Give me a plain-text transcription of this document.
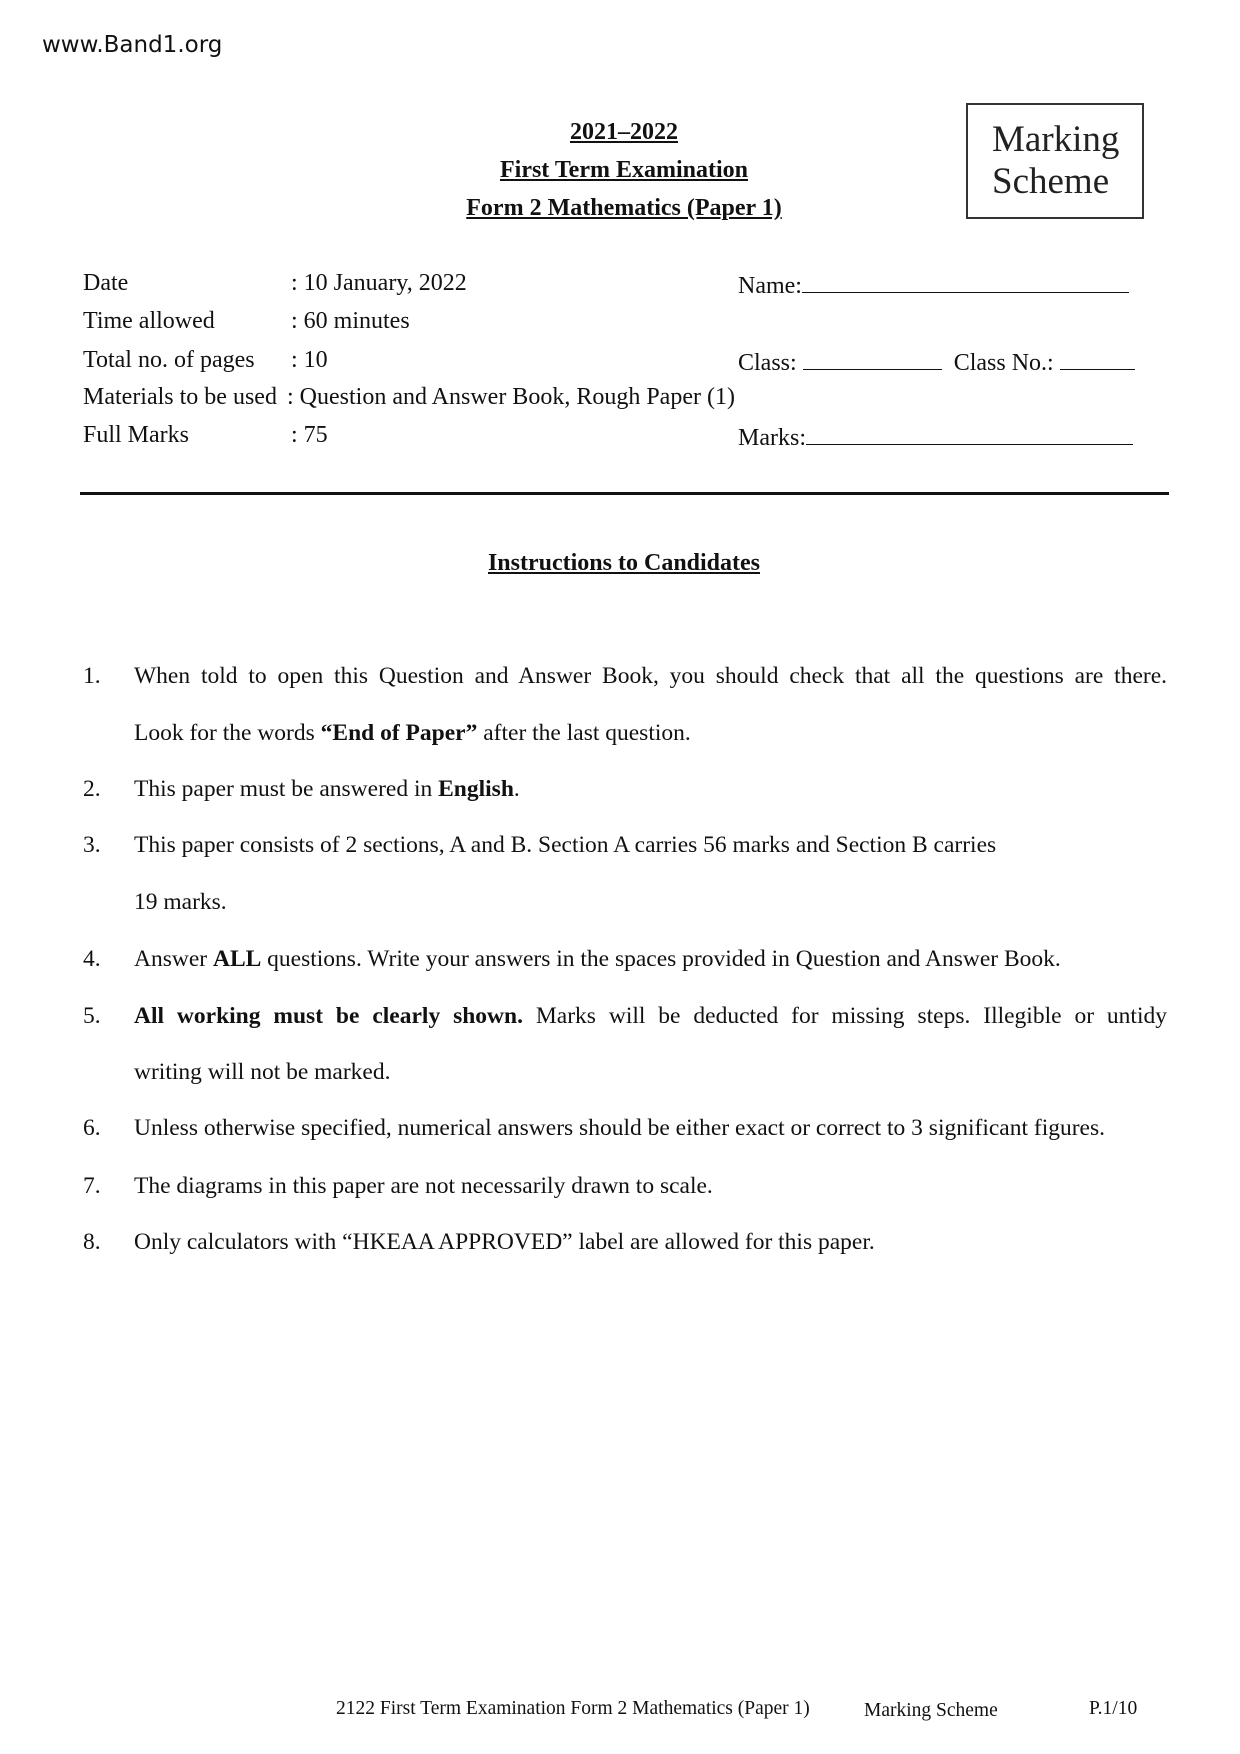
www.Band1.org
2021–2022
First Term Examination
Form 2 Mathematics (Paper 1)
Marking
Scheme
Date	: 10 January, 2022	Name:
Time allowed	: 60 minutes
Total no. of pages : 10	Class:	Class No.:
Materials to be used : Question and Answer Book, Rough Paper (1)
Full Marks	: 75	Marks:
Instructions to Candidates
1. When told to open this Question and Answer Book, you should check that all the questions are there.
Look for the words “End of Paper” after the last question.
2. This paper must be answered in English.
3. This paper consists of 2 sections, A and B. Section A carries 56 marks and Section B carries
19 marks.
4. Answer ALL questions. Write your answers in the spaces provided in Question and Answer Book.
5. All working must be clearly shown. Marks will be deducted for missing steps. Illegible or untidy
writing will not be marked.
6. Unless otherwise specified, numerical answers should be either exact or correct to 3 significant figures.
7. The diagrams in this paper are not necessarily drawn to scale.
8. Only calculators with “HKEAA APPROVED” label are allowed for this paper.
2122 First Term Examination Form 2 Mathematics (Paper 1)	Marking Scheme	P.1/10
